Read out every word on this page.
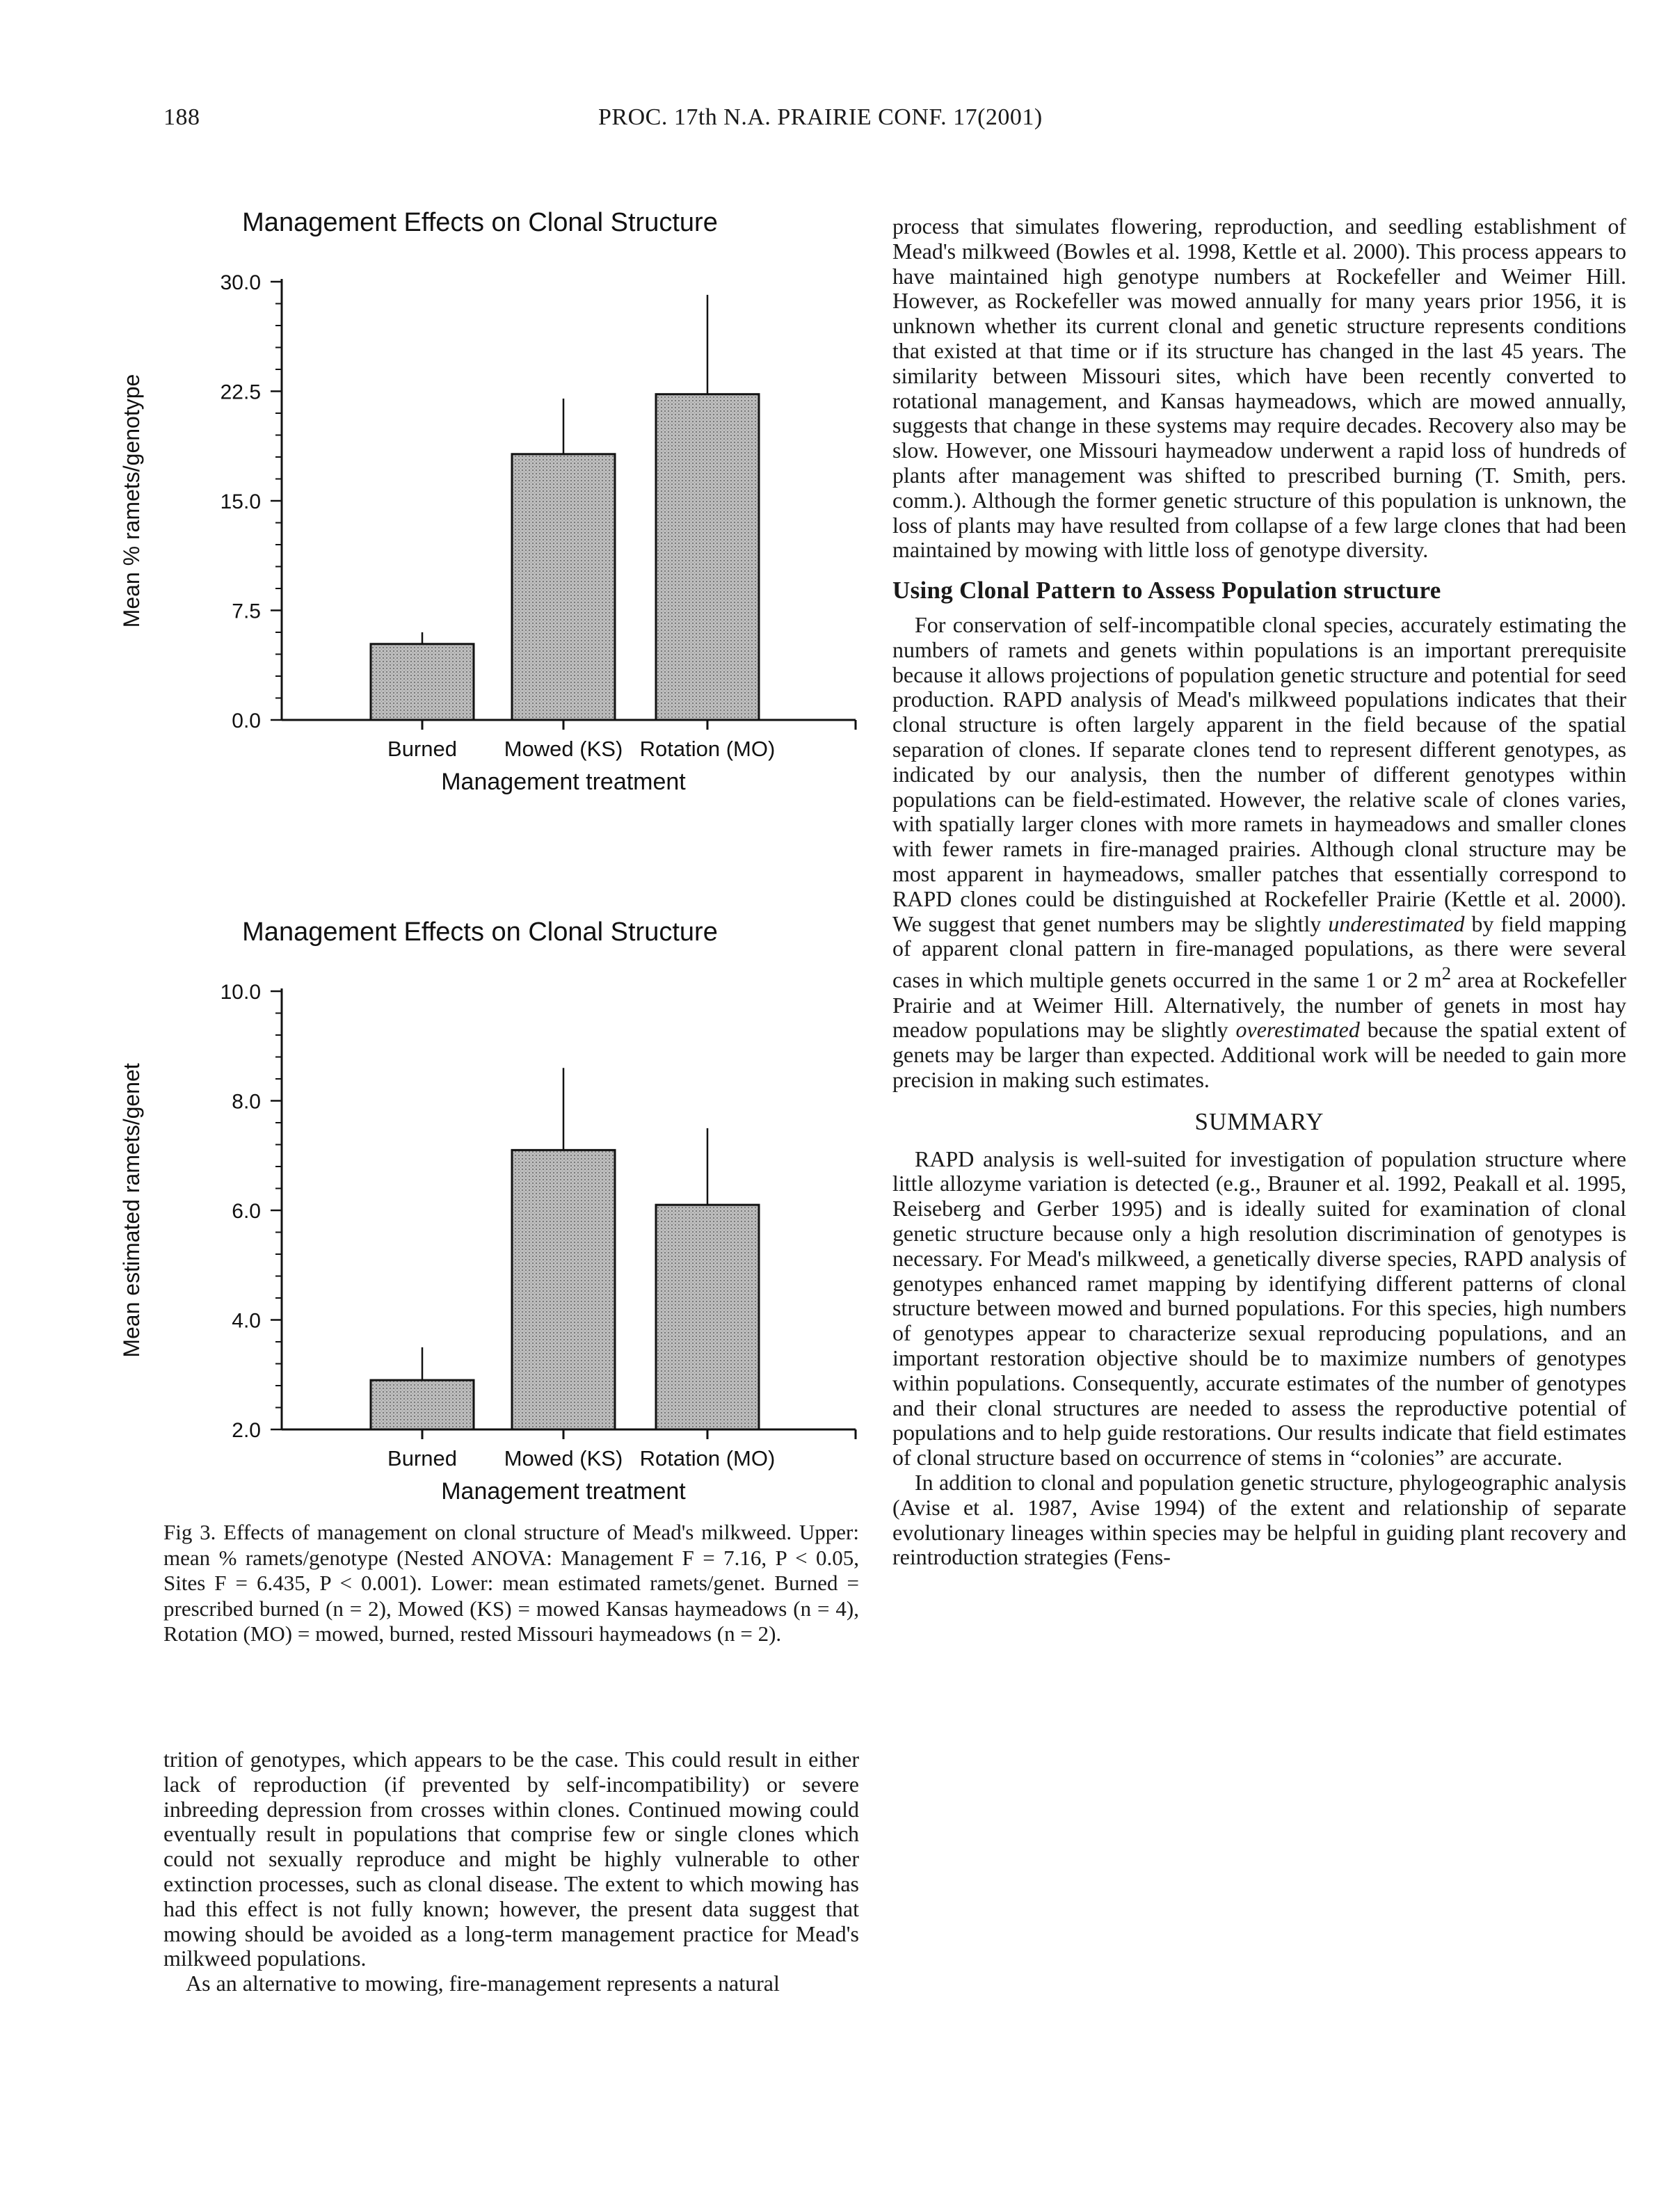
188	PROC. 17th N.A. PRAIRIE CONF. 17(2001)
Management Effects on Clonal Structure
0.0
7.5
15.0
22.5
30.0
Mean % ramets/genotype
Burned Mowed (KS) Rotation (MO)
Management treatment
Management Effects on Clonal Structure
2.0
4.0
6.0
8.0
10.0
Mean estimated ramets/genet
Burned Mowed (KS) Rotation (MO)
Management treatment

Fig 3. Effects of management on clonal structure of Mead's milkweed. Upper: mean % ramets/genotype (Nested ANOVA: Management F = 7.16, P < 0.05, Sites F = 6.435, P < 0.001). Lower: mean estimated ramets/genet. Burned = prescribed burned (n = 2), Mowed (KS) = mowed Kansas haymeadows (n = 4), Rotation (MO) = mowed, burned, rested Missouri haymeadows (n = 2).

trition of genotypes, which appears to be the case. This could result in either lack of reproduction (if prevented by self-incompatibility) or severe inbreeding depression from crosses within clones. Continued mowing could eventually result in populations that comprise few or single clones which could not sexually reproduce and might be highly vulnerable to other extinction processes, such as clonal disease. The extent to which mowing has had this effect is not fully known; however, the present data suggest that mowing should be avoided as a long-term management practice for Mead's milkweed populations.

As an alternative to mowing, fire-management represents a natural

process that simulates flowering, reproduction, and seedling establishment of Mead's milkweed (Bowles et al. 1998, Kettle et al. 2000). This process appears to have maintained high genotype numbers at Rockefeller and Weimer Hill. However, as Rockefeller was mowed annually for many years prior 1956, it is unknown whether its current clonal and genetic structure represents conditions that existed at that time or if its structure has changed in the last 45 years. The similarity between Missouri sites, which have been recently converted to rotational management, and Kansas haymeadows, which are mowed annually, suggests that change in these systems may require decades. Recovery also may be slow. However, one Missouri haymeadow underwent a rapid loss of hundreds of plants after management was shifted to prescribed burning (T. Smith, pers. comm.). Although the former genetic structure of this population is unknown, the loss of plants may have resulted from collapse of a few large clones that had been maintained by mowing with little loss of genotype diversity.

Using Clonal Pattern to Assess Population structure

For conservation of self-incompatible clonal species, accurately estimating the numbers of ramets and genets within populations is an important prerequisite because it allows projections of population genetic structure and potential for seed production. RAPD analysis of Mead's milkweed populations indicates that their clonal structure is often largely apparent in the field because of the spatial separation of clones. If separate clones tend to represent different genotypes, as indicated by our analysis, then the number of different genotypes within populations can be field-estimated. However, the relative scale of clones varies, with spatially larger clones with more ramets in haymeadows and smaller clones with fewer ramets in fire-managed prairies. Although clonal structure may be most apparent in haymeadows, smaller patches that essentially correspond to RAPD clones could be distinguished at Rockefeller Prairie (Kettle et al. 2000). We suggest that genet numbers may be slightly underestimated by field mapping of apparent clonal pattern in fire-managed populations, as there were several cases in which multiple genets occurred in the same 1 or 2 $m^2$ area at Rockefeller Prairie and at Weimer Hill. Alternatively, the number of genets in most hay meadow populations may be slightly overestimated because the spatial extent of genets may be larger than expected. Additional work will be needed to gain more precision in making such estimates.

SUMMARY

RAPD analysis is well-suited for investigation of population structure where little allozyme variation is detected (e.g., Brauner et al. 1992, Peakall et al. 1995, Reiseberg and Gerber 1995) and is ideally suited for examination of clonal genetic structure because only a high resolution discrimination of genotypes is necessary. For Mead's milkweed, a genetically diverse species, RAPD analysis of genotypes enhanced ramet mapping by identifying different patterns of clonal structure between mowed and burned populations. For this species, high numbers of genotypes appear to characterize sexual reproducing populations, and an important restoration objective should be to maximize numbers of genotypes within populations. Consequently, accurate estimates of the number of genotypes and their clonal structures are needed to assess the reproductive potential of populations and to help guide restorations. Our results indicate that field estimates of clonal structure based on occurrence of stems in “colonies” are accurate.

In addition to clonal and population genetic structure, phylogeographic analysis (Avise et al. 1987, Avise 1994) of the extent and relationship of separate evolutionary lineages within species may be helpful in guiding plant recovery and reintroduction strategies (Fens-
